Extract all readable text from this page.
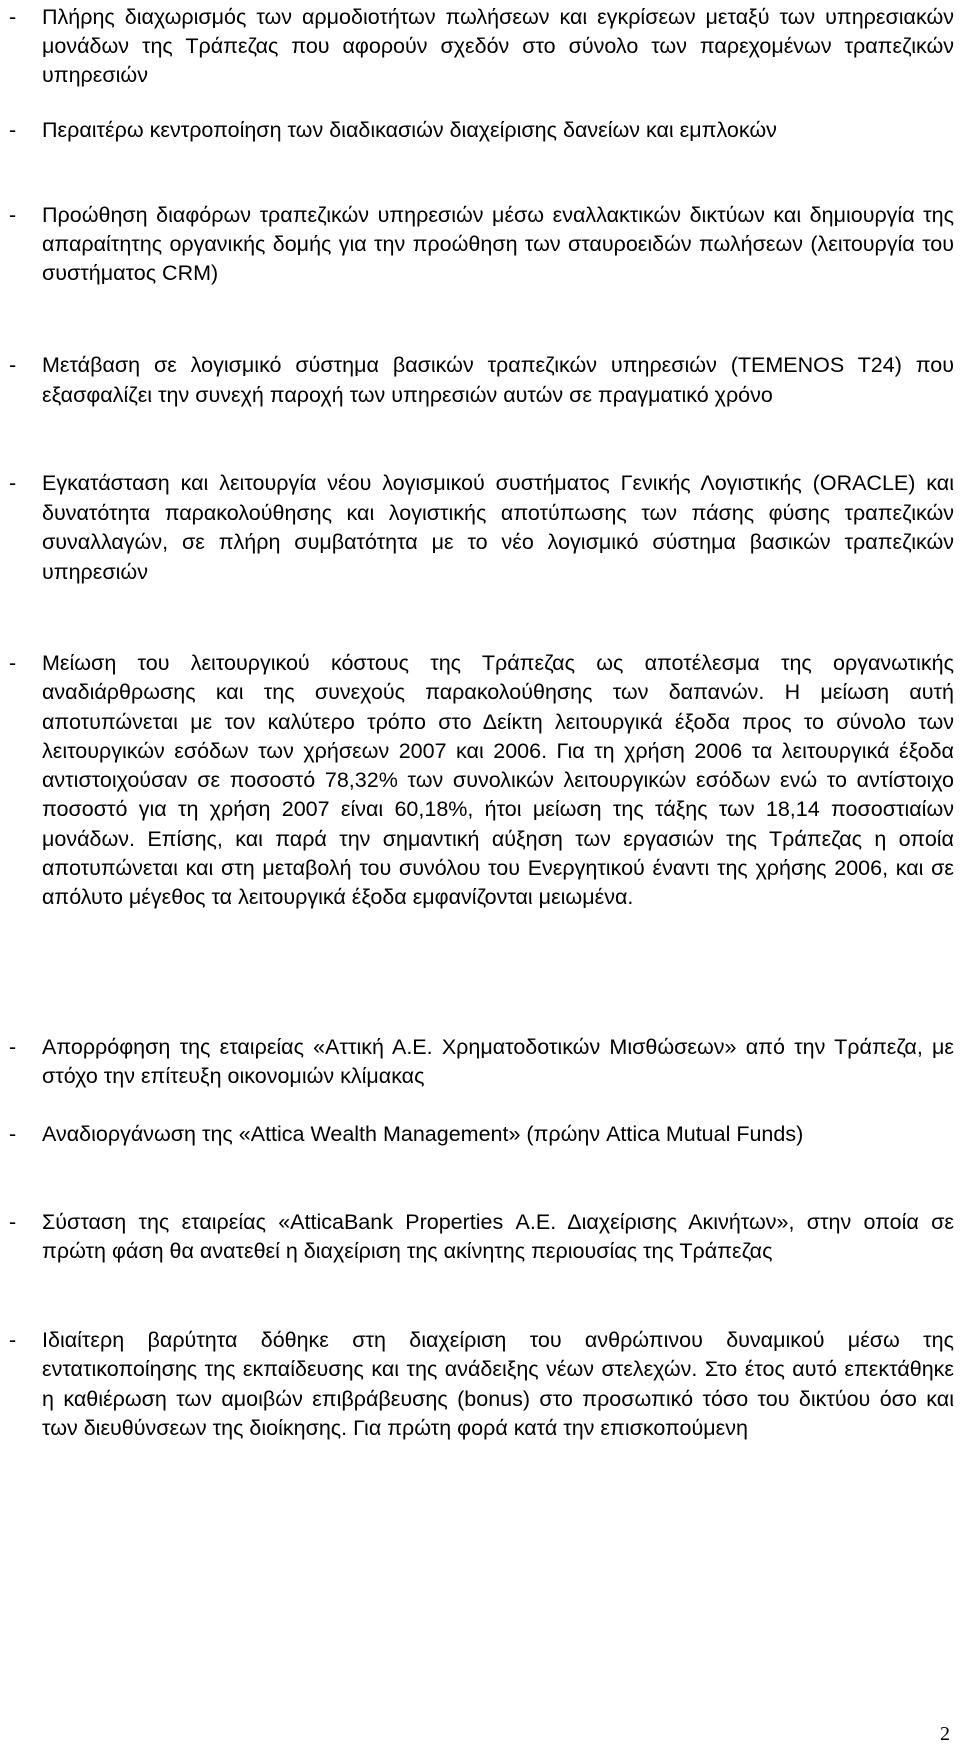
- Πλήρης διαχωρισμός των αρμοδιοτήτων πωλήσεων και εγκρίσεων μεταξύ των υπηρεσιακών μονάδων της Τράπεζας που αφορούν σχεδόν στο σύνολο των παρεχομένων τραπεζικών υπηρεσιών

- Περαιτέρω κεντροποίηση των διαδικασιών διαχείρισης δανείων και εμπλοκών

- Προώθηση διαφόρων τραπεζικών υπηρεσιών μέσω εναλλακτικών δικτύων και δημιουργία της απαραίτητης οργανικής δομής για την προώθηση των σταυροειδών πωλήσεων (λειτουργία του συστήματος CRM)

- Μετάβαση σε λογισμικό σύστημα βασικών τραπεζικών υπηρεσιών (TEMENOS T24) που εξασφαλίζει την συνεχή παροχή των υπηρεσιών αυτών σε πραγματικό χρόνο

- Εγκατάσταση και λειτουργία νέου λογισμικού συστήματος Γενικής Λογιστικής (ORACLE) και δυνατότητα παρακολούθησης και λογιστικής αποτύπωσης των πάσης φύσης τραπεζικών συναλλαγών, σε πλήρη συμβατότητα με το νέο λογισμικό σύστημα βασικών τραπεζικών υπηρεσιών

- Μείωση του λειτουργικού κόστους της Τράπεζας ως αποτέλεσμα της οργανωτικής αναδιάρθρωσης και της συνεχούς παρακολούθησης των δαπανών. Η μείωση αυτή αποτυπώνεται με τον καλύτερο τρόπο στο Δείκτη λειτουργικά έξοδα προς το σύνολο των λειτουργικών εσόδων των χρήσεων 2007 και 2006. Για τη χρήση 2006 τα λειτουργικά έξοδα αντιστοιχούσαν σε ποσοστό 78,32% των συνολικών λειτουργικών εσόδων ενώ το αντίστοιχο ποσοστό για τη χρήση 2007 είναι 60,18%, ήτοι μείωση της τάξης των 18,14 ποσοστιαίων μονάδων. Επίσης, και παρά την σημαντική αύξηση των εργασιών της Τράπεζας η οποία αποτυπώνεται και στη μεταβολή του συνόλου του Ενεργητικού έναντι της χρήσης 2006, και σε απόλυτο μέγεθος τα λειτουργικά έξοδα εμφανίζονται μειωμένα.

- Απορρόφηση της εταιρείας «Αττική Α.Ε. Χρηματοδοτικών Μισθώσεων» από την Τράπεζα, με στόχο την επίτευξη οικονομιών κλίμακας

- Αναδιοργάνωση της «Attica Wealth Management» (πρώην Attica Mutual Funds)

- Σύσταση της εταιρείας «AtticaBank Properties Α.Ε. Διαχείρισης Ακινήτων», στην οποία σε πρώτη φάση θα ανατεθεί η διαχείριση της ακίνητης περιουσίας της Τράπεζας

- Ιδιαίτερη βαρύτητα δόθηκε στη διαχείριση του ανθρώπινου δυναμικού μέσω της εντατικοποίησης της εκπαίδευσης και της ανάδειξης νέων στελεχών. Στο έτος αυτό επεκτάθηκε η καθιέρωση των αμοιβών επιβράβευσης (bonus) στο προσωπικό τόσο του δικτύου όσο και των διευθύνσεων της διοίκησης. Για πρώτη φορά κατά την επισκοπούμενη

2
